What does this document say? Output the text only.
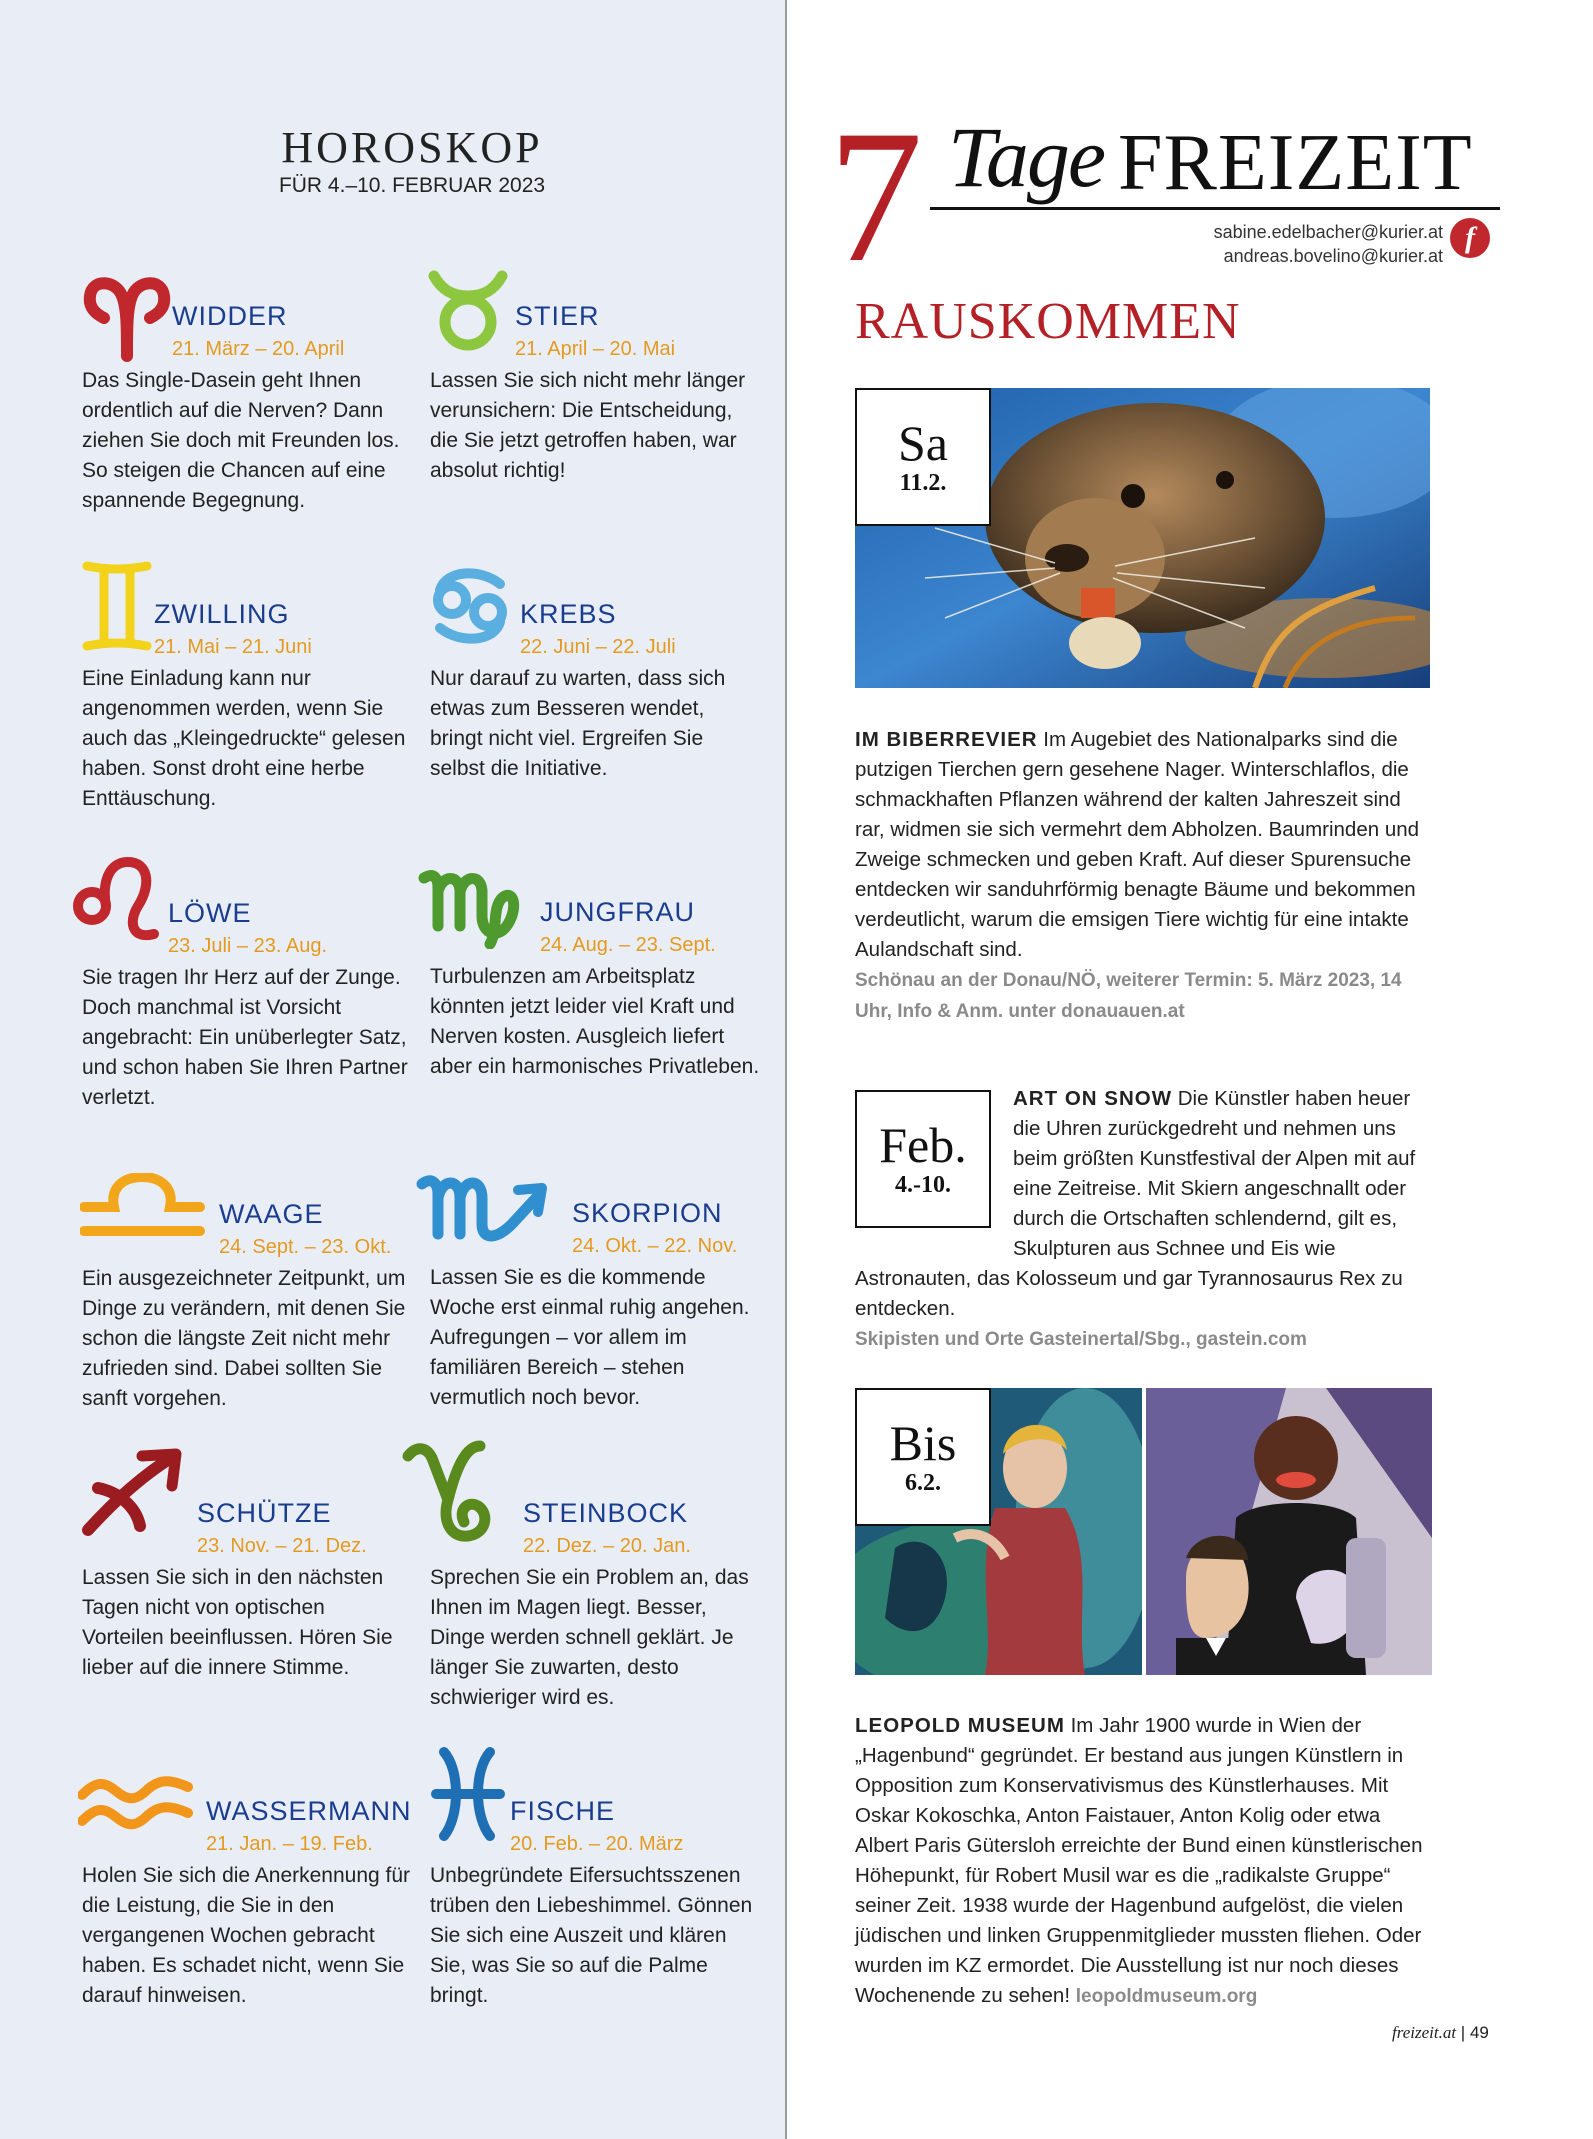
HOROSKOP
FÜR 4.–10. FEBRUAR 2023
WIDDER
21. März – 20. April
Das Single-Dasein geht Ihnen ordentlich auf die Nerven? Dann ziehen Sie doch mit Freunden los. So steigen die Chancen auf eine spannende Begegnung.
STIER
21. April – 20. Mai
Lassen Sie sich nicht mehr länger verunsichern: Die Entscheidung, die Sie jetzt getroffen haben, war absolut richtig!
ZWILLING
21. Mai – 21. Juni
Eine Einladung kann nur angenommen werden, wenn Sie auch das „Kleingedruckte“ gelesen haben. Sonst droht eine herbe Enttäuschung.
KREBS
22. Juni – 22. Juli
Nur darauf zu warten, dass sich etwas zum Besseren wendet, bringt nicht viel. Ergreifen Sie selbst die Initiative.
LÖWE
23. Juli – 23. Aug.
Sie tragen Ihr Herz auf der Zunge. Doch manchmal ist Vorsicht angebracht: Ein unüberlegter Satz, und schon haben Sie Ihren Partner verletzt.
JUNGFRAU
24. Aug. – 23. Sept.
Turbulenzen am Arbeitsplatz könnten jetzt leider viel Kraft und Nerven kosten. Ausgleich liefert aber ein harmonisches Privatleben.
WAAGE
24. Sept. – 23. Okt.
Ein ausgezeichneter Zeitpunkt, um Dinge zu verändern, mit denen Sie schon die längste Zeit nicht mehr zufrieden sind. Dabei sollten Sie sanft vorgehen.
SKORPION
24. Okt. – 22. Nov.
Lassen Sie es die kommende Woche erst einmal ruhig angehen. Aufregungen – vor allem im familiären Bereich – stehen vermutlich noch bevor.
SCHÜTZE
23. Nov. – 21. Dez.
Lassen Sie sich in den nächsten Tagen nicht von optischen Vorteilen beeinflussen. Hören Sie lieber auf die innere Stimme.
STEINBOCK
22. Dez. – 20. Jan.
Sprechen Sie ein Problem an, das Ihnen im Magen liegt. Besser, Dinge werden schnell geklärt. Je länger Sie zuwarten, desto schwieriger wird es.
WASSERMANN
21. Jan. – 19. Feb.
Holen Sie sich die Anerkennung für die Leistung, die Sie in den vergangenen Wochen gebracht haben. Es schadet nicht, wenn Sie darauf hinweisen.
FISCHE
20. Feb. – 20. März
Unbegründete Eifersuchtsszenen trüben den Liebeshimmel. Gönnen Sie sich eine Auszeit und klären Sie, was Sie so auf die Palme bringt.
7 Tage FREIZEIT
sabine.edelbacher@kurier.at
andreas.bovelino@kurier.at
f
RAUSKOMMEN
Sa
11.2.
IM BIBERREVIER Im Augebiet des Nationalparks sind die putzigen Tierchen gern gesehene Nager. Winterschlaflos, die schmackhaften Pflanzen während der kalten Jahreszeit sind rar, widmen sie sich vermehrt dem Abholzen. Baumrinden und Zweige schmecken und geben Kraft. Auf dieser Spurensuche entdecken wir sanduhrförmig benagte Bäume und bekommen verdeutlicht, warum die emsigen Tiere wichtig für eine intakte Aulandschaft sind.
Schönau an der Donau/NÖ, weiterer Termin: 5. März 2023, 14 Uhr, Info & Anm. unter donauauen.at
Feb.
4.-10.
ART ON SNOW Die Künstler haben heuer die Uhren zurückgedreht und nehmen uns beim größten Kunstfestival der Alpen mit auf eine Zeitreise. Mit Skiern angeschnallt oder durch die Ortschaften schlendernd, gilt es, Skulpturen aus Schnee und Eis wie Astronauten, das Kolosseum und gar Tyrannosaurus Rex zu entdecken.
Skipisten und Orte Gasteinertal/Sbg., gastein.com
Bis
6.2.
LEOPOLD MUSEUM Im Jahr 1900 wurde in Wien der „Hagenbund“ gegründet. Er bestand aus jungen Künstlern in Opposition zum Konservativismus des Künstlerhauses. Mit Oskar Kokoschka, Anton Faistauer, Anton Kolig oder etwa Albert Paris Gütersloh erreichte der Bund einen künstlerischen Höhepunkt, für Robert Musil war es die „radikalste Gruppe“ seiner Zeit. 1938 wurde der Hagenbund aufgelöst, die vielen jüdischen und linken Gruppenmitglieder mussten fliehen. Oder wurden im KZ ermordet. Die Ausstellung ist nur noch dieses Wochenende zu sehen! leopoldmuseum.org
freizeit.at | 49
